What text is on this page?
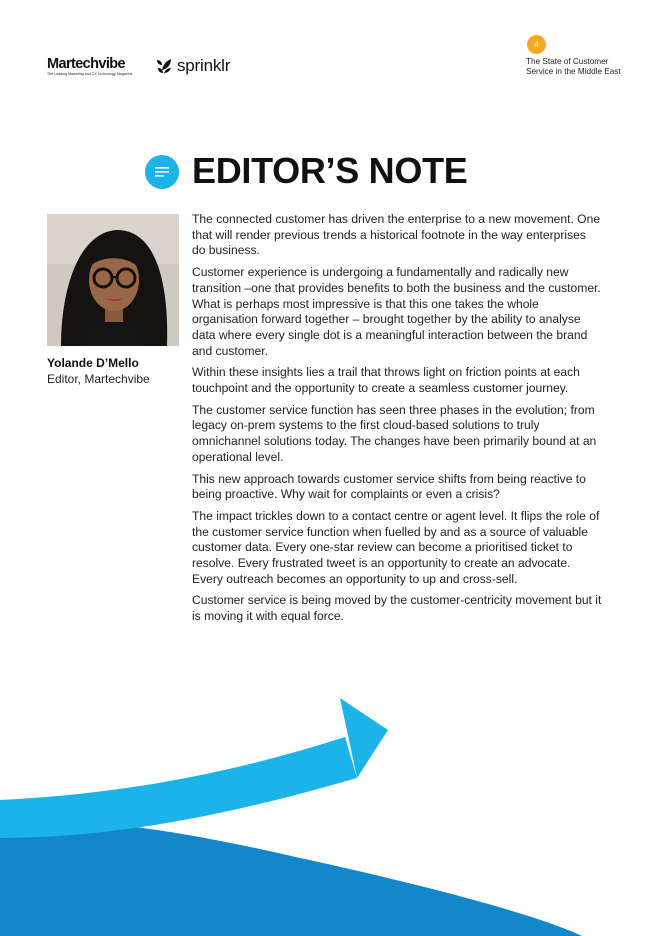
Martechvibe
The Leading Marketing and CX Technology Magazine	sprinklr
4
The State of Customer Service in the Middle East
EDITOR’S NOTE
Yolande D’Mello
Editor, Martechvibe

The connected customer has driven the enterprise to a new movement. One that will render previous trends a historical footnote in the way enterprises do business.

Customer experience is undergoing a fundamentally and radically new transition –one that provides benefits to both the business and the customer. What is perhaps most impressive is that this one takes the whole organisation forward together – brought together by the ability to analyse data where every single dot is a meaningful interaction between the brand and customer.

Within these insights lies a trail that throws light on friction points at each touchpoint and the opportunity to create a seamless customer journey.

The customer service function has seen three phases in the evolution; from legacy on-prem systems to the first cloud-based solutions to truly omnichannel solutions today. The changes have been primarily bound at an operational level.

This new approach towards customer service shifts from being reactive to being proactive. Why wait for complaints or even a crisis?

The impact trickles down to a contact centre or agent level. It flips the role of the customer service function when fuelled by and as a source of valuable customer data. Every one-star review can become a prioritised ticket to resolve. Every frustrated tweet is an opportunity to create an advocate. Every outreach becomes an opportunity to up and cross-sell.

Customer service is being moved by the customer-centricity movement but it is moving it with equal force.
